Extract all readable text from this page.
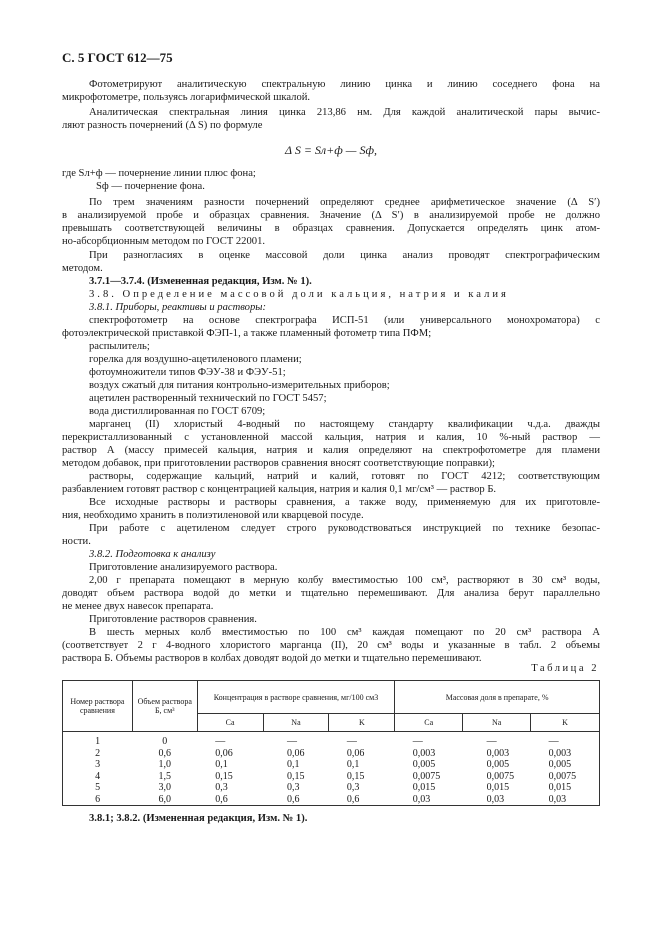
С. 5 ГОСТ 612—75
Фотометрируют аналитическую спектральную линию цинка и линию соседнего фона на
микрофотометре, пользуясь логарифмической шкалой.
Аналитическая спектральная линия цинка 213,86 нм. Для каждой аналитической пары вычис-
ляют разность почернений (Δ S) по формуле
Δ S = Sл+ф — Sф,
где Sл+ф — почернение линии плюс фона;
Sф — почернение фона.
По трем значениям разности почернений определяют среднее арифметическое значение (Δ S′)
в анализируемой пробе и образцах сравнения. Значение (Δ S′) в анализируемой пробе не должно
превышать соответствующей величины в образцах сравнения. Допускается определять цинк атом-
но-абсорбционным методом по ГОСТ 22001.
При разногласиях в оценке массовой доли цинка анализ проводят спектрографическим
методом.
3.7.1—3.7.4. (Измененная редакция, Изм. № 1).
3.8. Определение массовой доли кальция, натрия и калия
3.8.1. Приборы, реактивы и растворы:
спектрофотометр на основе спектрографа ИСП-51 (или универсального монохроматора) с
фотоэлектрической приставкой ФЭП-1, а также пламенный фотометр типа ПФМ;
распылитель;
горелка для воздушно-ацетиленового пламени;
фотоумножители типов ФЭУ-38 и ФЭУ-51;
воздух сжатый для питания контрольно-измерительных приборов;
ацетилен растворенный технический по ГОСТ 5457;
вода дистиллированная по ГОСТ 6709;
марганец (II) хлористый 4-водный по настоящему стандарту квалификации ч.д.а. дважды
перекристаллизованный с установленной массой кальция, натрия и калия, 10 %-ный раствор —
раствор А (массу примесей кальция, натрия и калия определяют на спектрофотометре для пламени
методом добавок, при приготовлении растворов сравнения вносят соответствующие поправки);
растворы, содержащие кальций, натрий и калий, готовят по ГОСТ 4212; соответствующим
разбавлением готовят раствор с концентрацией кальция, натрия и калия 0,1 мг/см³ — раствор Б.
Все исходные растворы и растворы сравнения, а также воду, применяемую для их приготовле-
ния, необходимо хранить в полиэтиленовой или кварцевой посуде.
При работе с ацетиленом следует строго руководствоваться инструкцией по технике безопас-
ности.
3.8.2. Подготовка к анализу
Приготовление анализируемого раствора.
2,00 г препарата помещают в мерную колбу вместимостью 100 см³, растворяют в 30 см³ воды,
доводят объем раствора водой до метки и тщательно перемешивают. Для анализа берут параллельно
не менее двух навесок препарата.
Приготовление растворов сравнения.
В шесть мерных колб вместимостью по 100 см³ каждая помещают по 20 см³ раствора А
(соответствует 2 г 4-водного хлористого марганца (II), 20 см³ воды и указанные в табл. 2 объемы
раствора Б. Объемы растворов в колбах доводят водой до метки и тщательно перемешивают.
Таблица 2
Номер раствора сравнения	Объем раствора Б, см³	Концентрация в растворе сравнения, мг/100 см3			Массовая доля в препарате, %		
		Ca	Na	K	Ca	Na	K
1	0	—	—	—	—	—	—
2	0,6	0,06	0,06	0,06	0,003	0,003	0,003
3	1,0	0,1	0,1	0,1	0,005	0,005	0,005
4	1,5	0,15	0,15	0,15	0,0075	0,0075	0,0075
5	3,0	0,3	0,3	0,3	0,015	0,015	0,015
6	6,0	0,6	0,6	0,6	0,03	0,03	0,03
3.8.1; 3.8.2. (Измененная редакция, Изм. № 1).
